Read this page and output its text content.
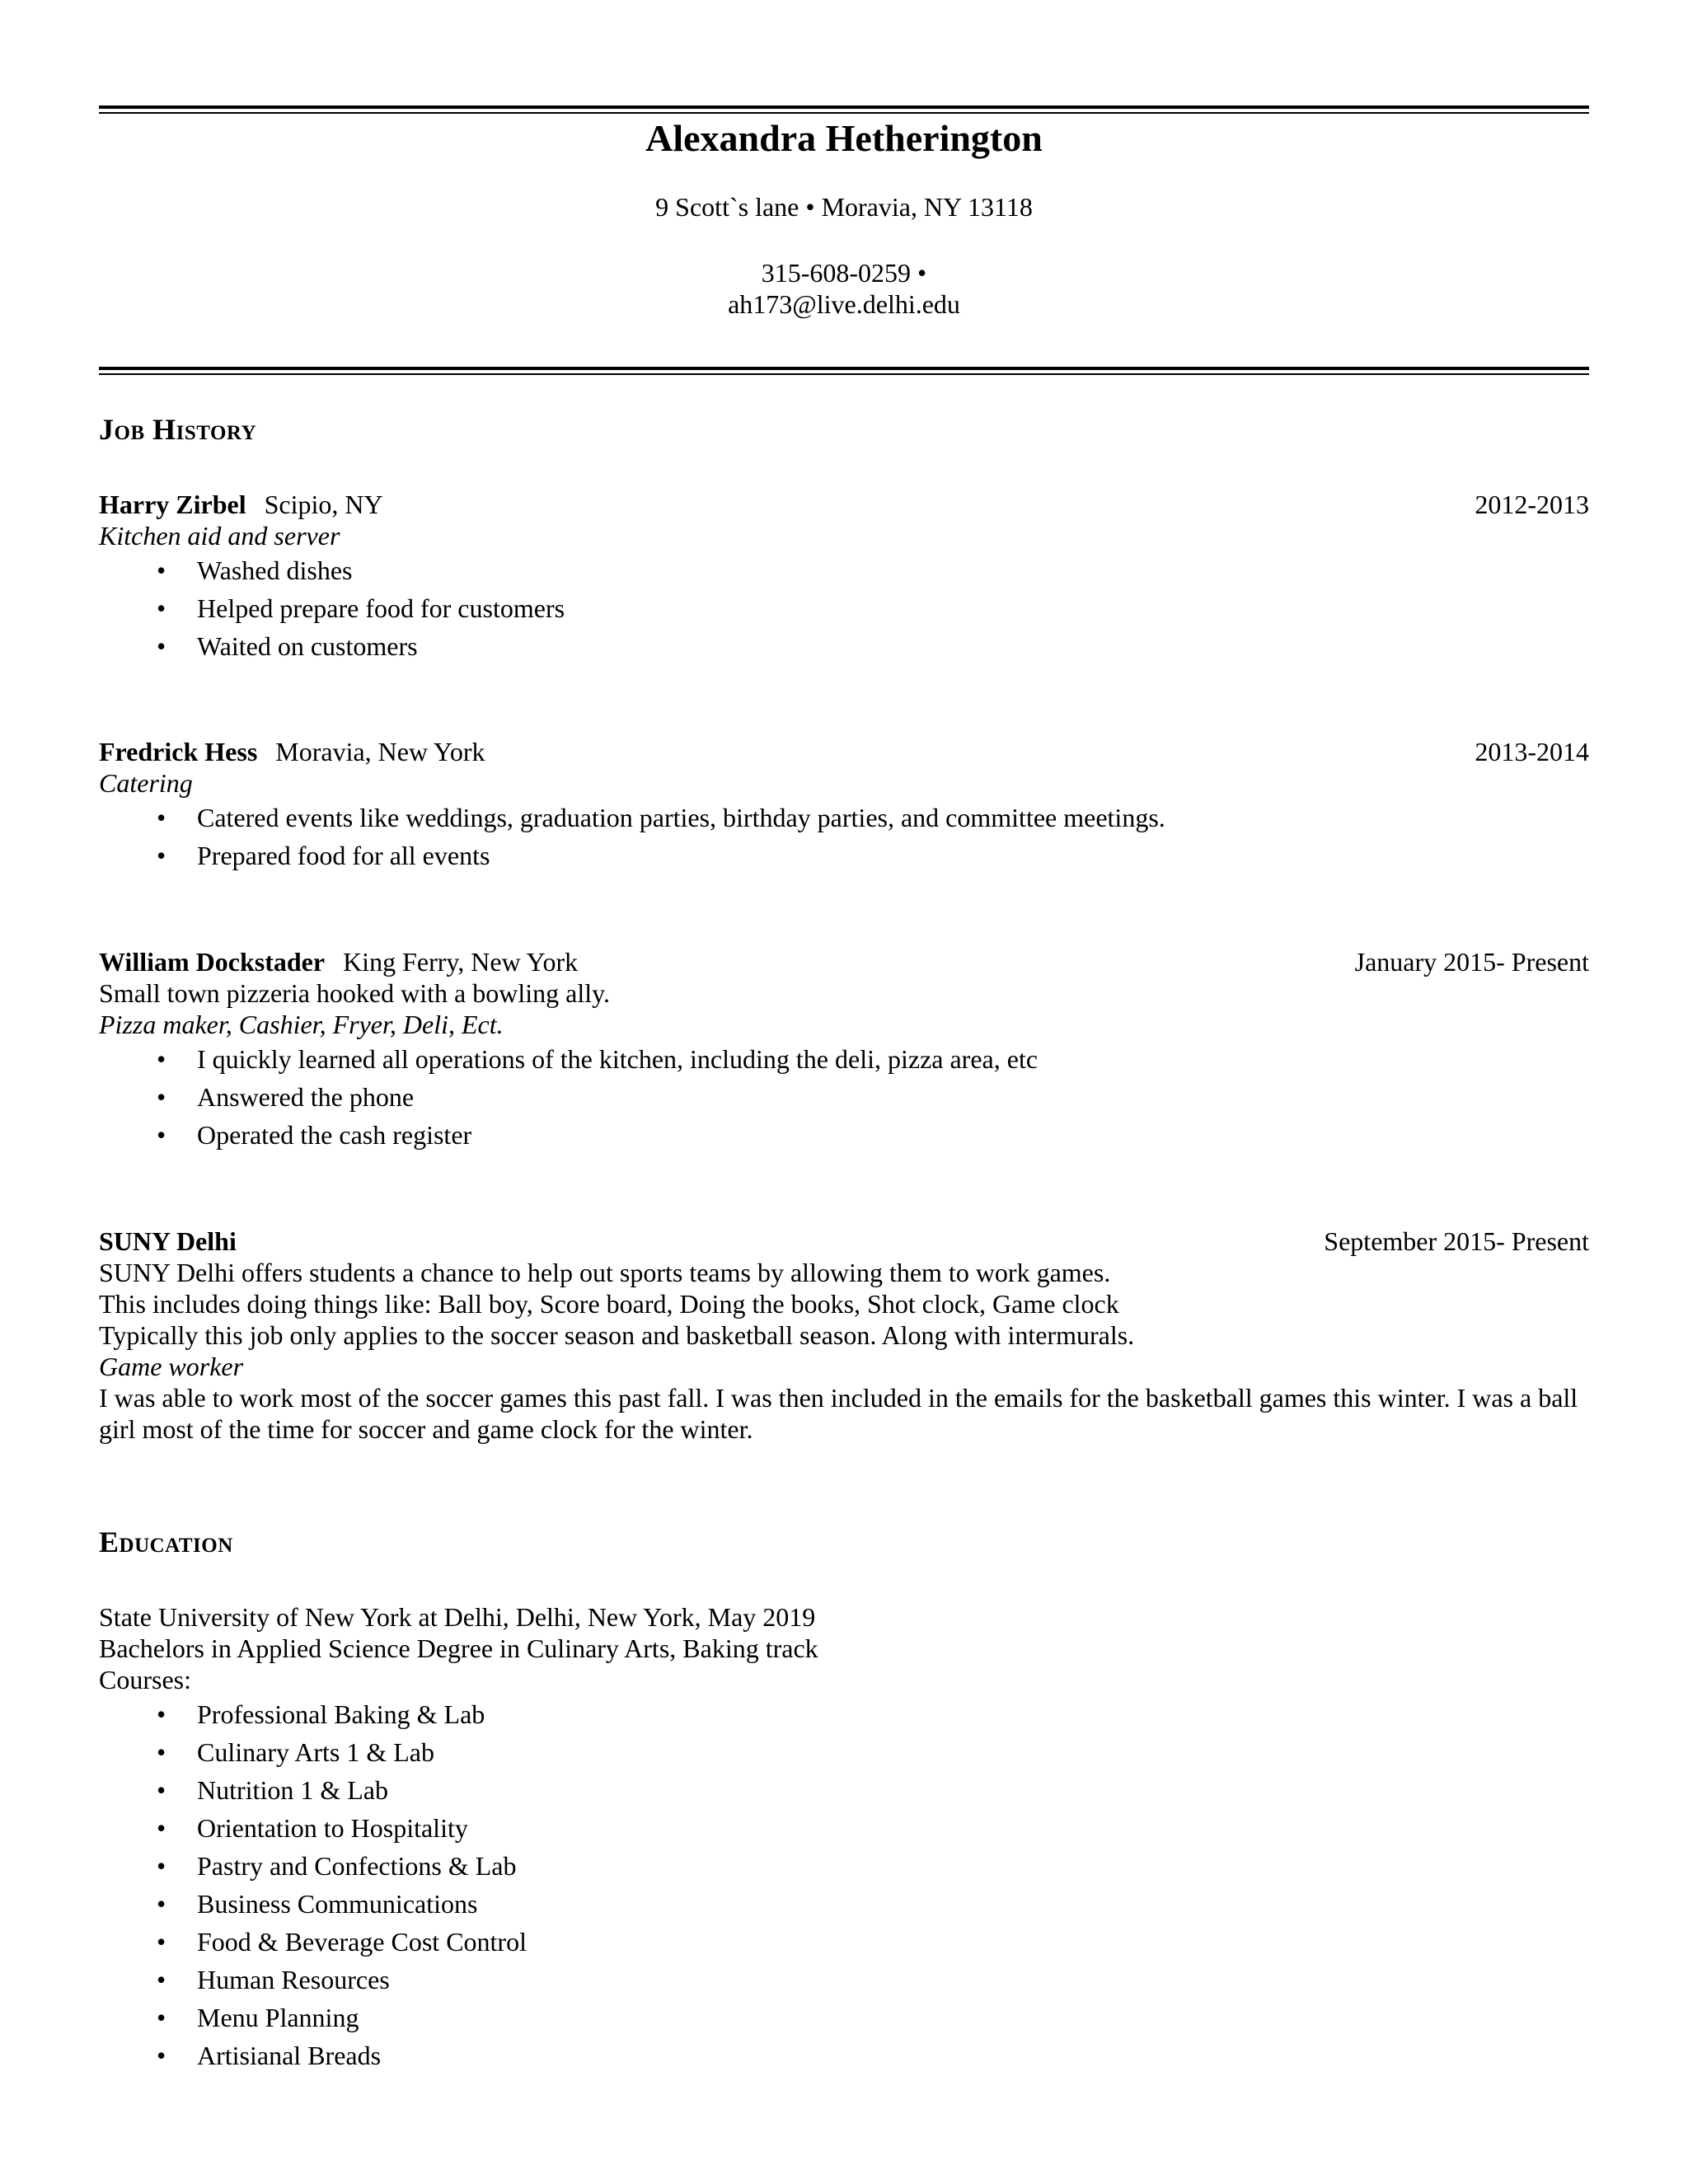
Alexandra Hetherington
9 Scott`s lane • Moravia, NY 13118
315-608-0259 •
ah173@live.delhi.edu
Job History
Harry Zirbel Scipio, NY	2012-2013
Kitchen aid and server
• Washed dishes
• Helped prepare food for customers
• Waited on customers
Fredrick Hess Moravia, New York	2013-2014
Catering
• Catered events like weddings, graduation parties, birthday parties, and committee meetings.
• Prepared food for all events
William Dockstader King Ferry, New York	January 2015- Present
Small town pizzeria hooked with a bowling ally.
Pizza maker, Cashier, Fryer, Deli, Ect.
• I quickly learned all operations of the kitchen, including the deli, pizza area, etc
• Answered the phone
• Operated the cash register
SUNY Delhi	September 2015- Present
SUNY Delhi offers students a chance to help out sports teams by allowing them to work games.
This includes doing things like: Ball boy, Score board, Doing the books, Shot clock, Game clock
Typically this job only applies to the soccer season and basketball season. Along with intermurals.
Game worker
I was able to work most of the soccer games this past fall. I was then included in the emails for the basketball games this winter. I was a ball girl most of the time for soccer and game clock for the winter.
Education
State University of New York at Delhi, Delhi, New York, May 2019
Bachelors in Applied Science Degree in Culinary Arts, Baking track
Courses:
• Professional Baking & Lab
• Culinary Arts 1 & Lab
• Nutrition 1 & Lab
• Orientation to Hospitality
• Pastry and Confections & Lab
• Business Communications
• Food & Beverage Cost Control
• Human Resources
• Menu Planning
• Artisianal Breads
